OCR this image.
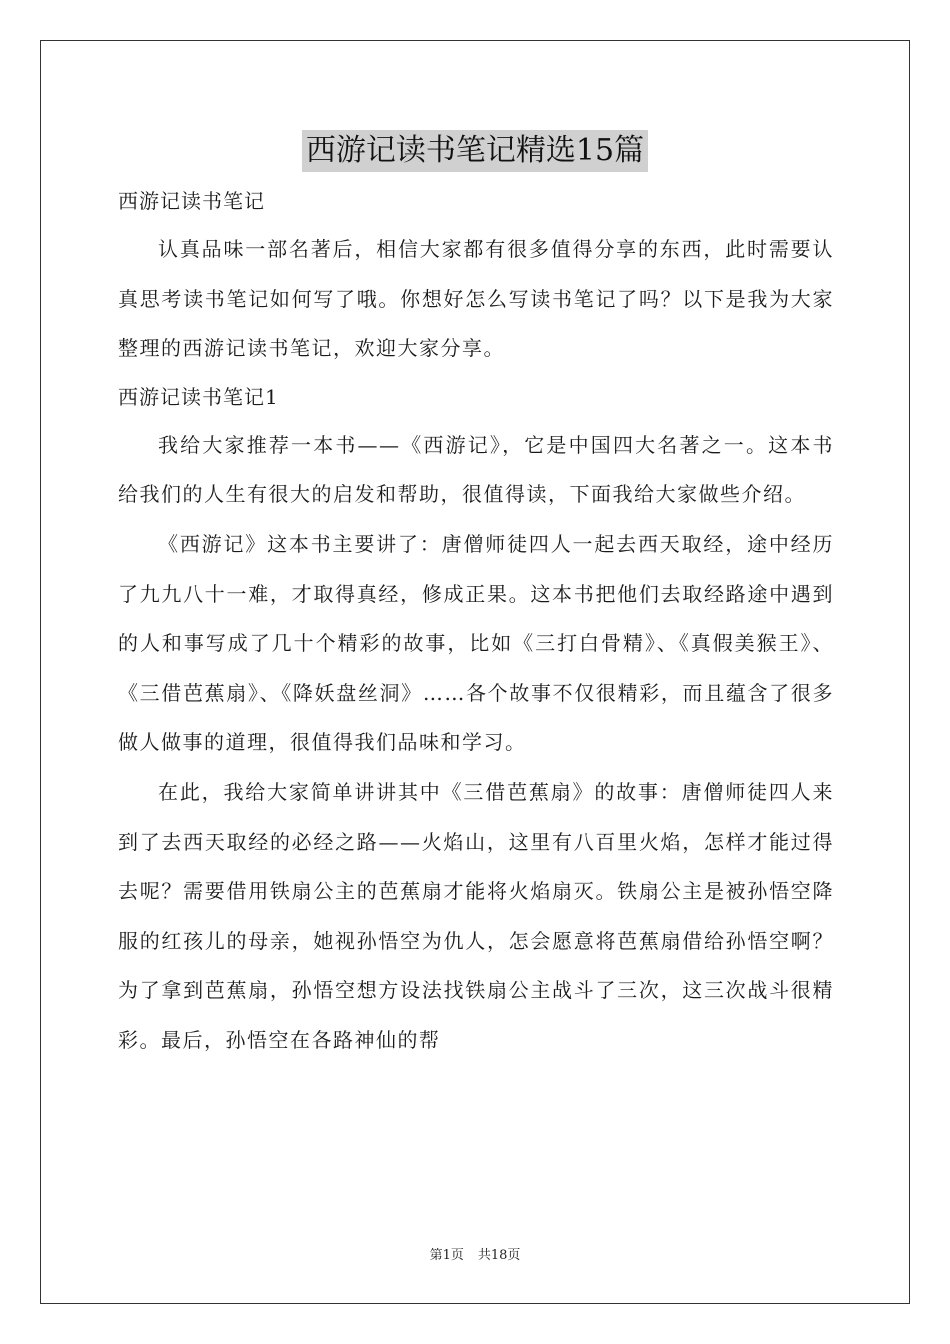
西游记读书笔记精选15篇

西游记读书笔记

认真品味一部名著后，相信大家都有很多值得分享的东西，此时需要认真思考读书笔记如何写了哦。你想好怎么写读书笔记了吗？以下是我为大家整理的西游记读书笔记，欢迎大家分享。

西游记读书笔记1

我给大家推荐一本书——《西游记》，它是中国四大名著之一。这本书给我们的人生有很大的启发和帮助，很值得读，下面我给大家做些介绍。

《西游记》这本书主要讲了：唐僧师徒四人一起去西天取经，途中经历了九九八十一难，才取得真经，修成正果。这本书把他们去取经路途中遇到的人和事写成了几十个精彩的故事，比如《三打白骨精》、《真假美猴王》、《三借芭蕉扇》、《降妖盘丝洞》……各个故事不仅很精彩，而且蕴含了很多做人做事的道理，很值得我们品味和学习。

在此，我给大家简单讲讲其中《三借芭蕉扇》的故事：唐僧师徒四人来到了去西天取经的必经之路——火焰山，这里有八百里火焰，怎样才能过得去呢？需要借用铁扇公主的芭蕉扇才能将火焰扇灭。铁扇公主是被孙悟空降服的红孩儿的母亲，她视孙悟空为仇人，怎会愿意将芭蕉扇借给孙悟空啊？为了拿到芭蕉扇，孙悟空想方设法找铁扇公主战斗了三次，这三次战斗很精彩。最后，孙悟空在各路神仙的帮

第1页 共18页
